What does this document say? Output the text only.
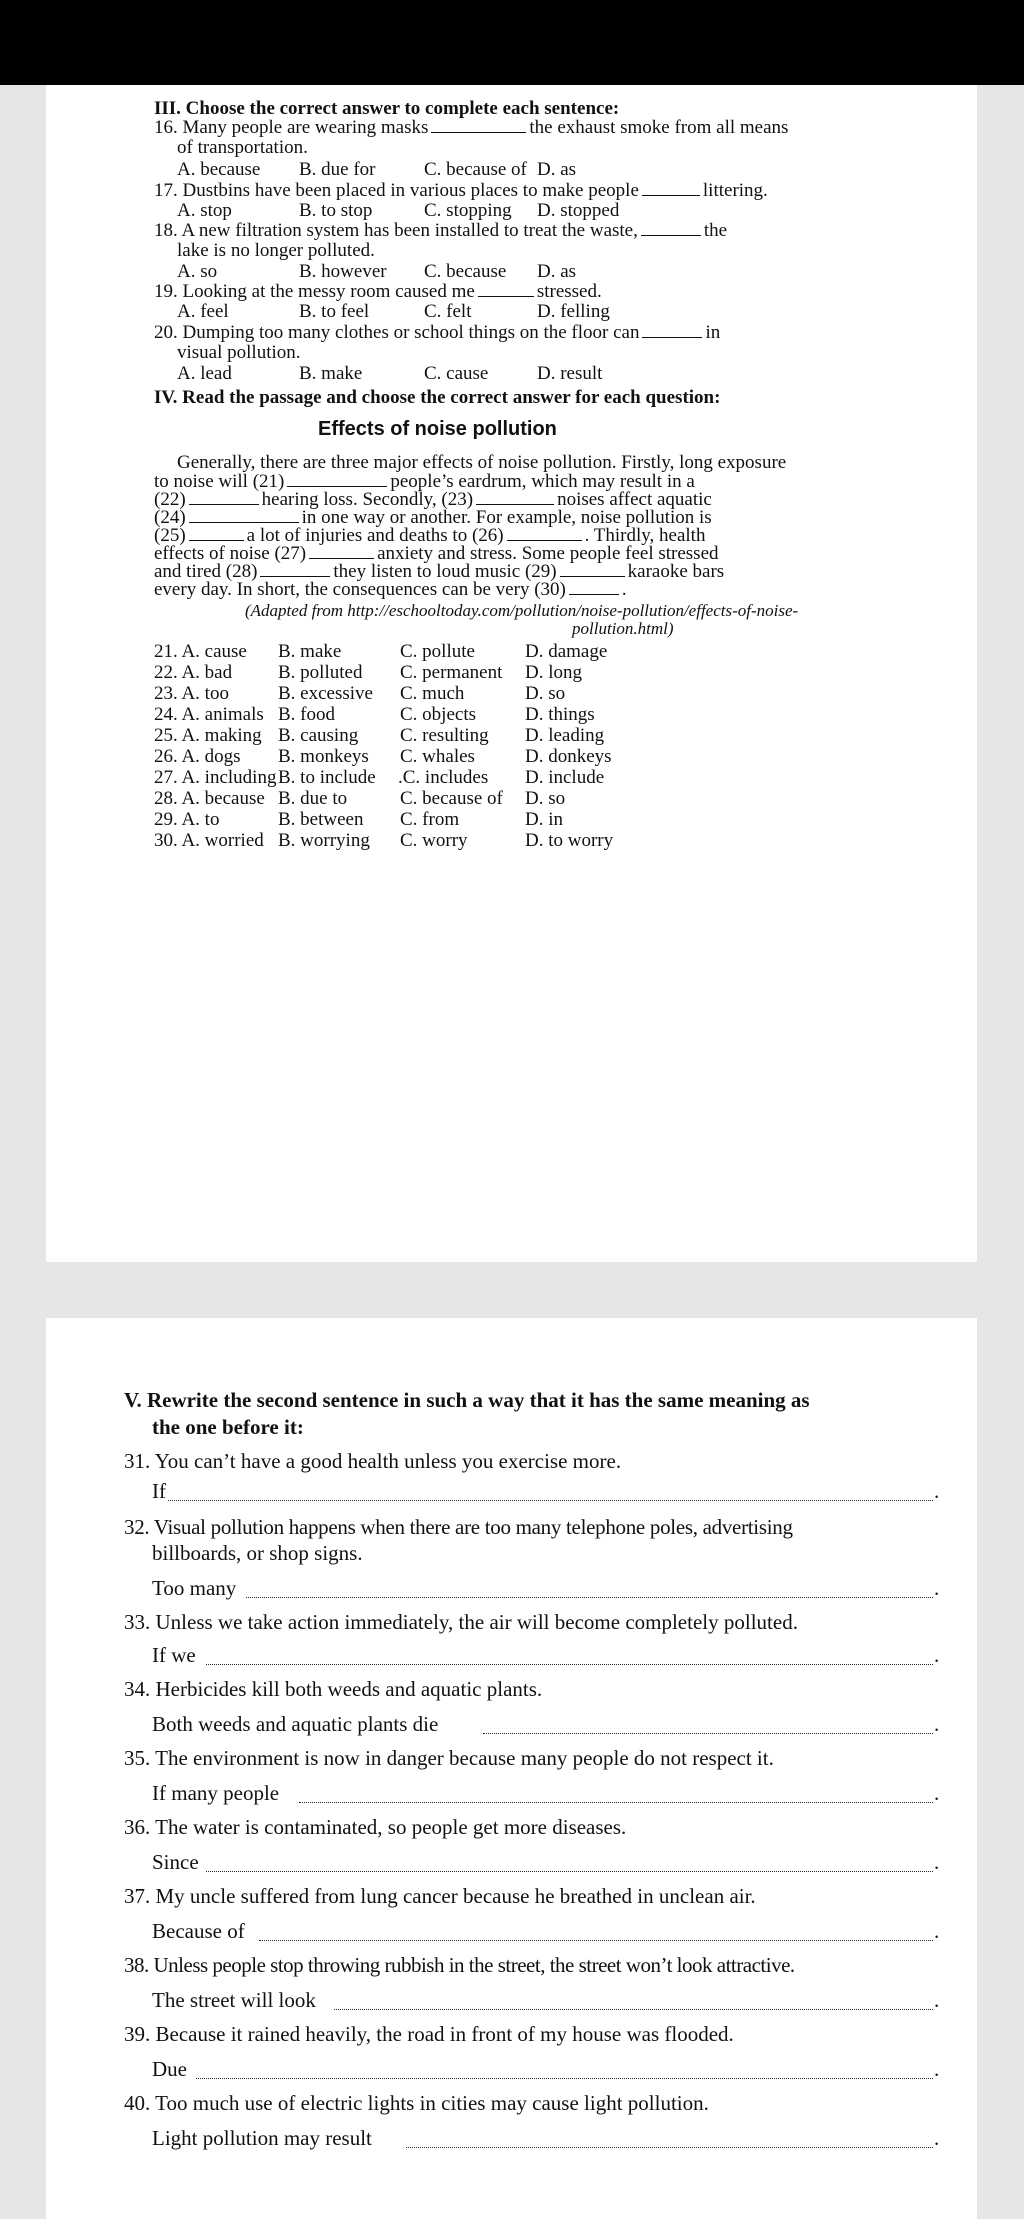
III. Choose the correct answer to complete each sentence:
16. Many people are wearing masks	the exhaust smoke from all means
of transportation.
A. because B. due for	C. because of D. as
17. Dustbins have been placed in various places to make people	littering.
A. stop	B. to stop	C. stopping D. stopped
18. A new filtration system has been installed to treat the waste,	the
lake is no longer polluted.
A. so	B. however C. because D. as
19. Looking at the messy room caused me	stressed.
A. feel	B. to feel	C. felt	D. felling
20. Dumping too many clothes or school things on the floor can	in
visual pollution.
A. lead	B. make	C. cause	D. result
IV. Read the passage and choose the correct answer for each question:
Effects of noise pollution
Generally, there are three major effects of noise pollution. Firstly, long exposure
to noise will (21)	people’s eardrum, which may result in a
(22)	hearing loss. Secondly, (23)	noises affect aquatic
(24)	in one way or another. For example, noise pollution is
(25)	a lot of injuries and deaths to (26)	. Thirdly, health
effects of noise (27)	anxiety and stress. Some people feel stressed
and tired (28)	they listen to loud music (29)	karaoke bars
every day. In short, the consequences can be very (30)	.
(Adapted from http://eschooltoday.com/pollution/noise-pollution/effects-of-noise-
pollution.html)
21. A. cause B. make	C. pollute	D. damage
22. A. bad B. polluted C. permanent D. long
23. A. too	B. excessive C. much	D. so
24. A. animals B. food	C. objects	D. things
25. A. making B. causing C. resulting D. leading
26. A. dogs B. monkeys C. whales	D. donkeys
27. A. including B. to include .C. includes D. include
28. A. because B. due to	C. because of D. so
29. A. to	B. between C. from	D. in
30. A. worried B. worrying C. worry	D. to worry
V. Rewrite the second sentence in such a way that it has the same meaning as
the one before it:
31. You can’t have a good health unless you exercise more.
If	.
32. Visual pollution happens when there are too many telephone poles, advertising
billboards, or shop signs.
Too many	.
33. Unless we take action immediately, the air will become completely polluted.
If we	.
34. Herbicides kill both weeds and aquatic plants.
Both weeds and aquatic plants die	.
35. The environment is now in danger because many people do not respect it.
If many people	.
36. The water is contaminated, so people get more diseases.
Since	.
37. My uncle suffered from lung cancer because he breathed in unclean air.
Because of	.
38. Unless people stop throwing rubbish in the street, the street won’t look attractive.
The street will look	.
39. Because it rained heavily, the road in front of my house was flooded.
Due	.
40. Too much use of electric lights in cities may cause light pollution.
Light pollution may result	.
